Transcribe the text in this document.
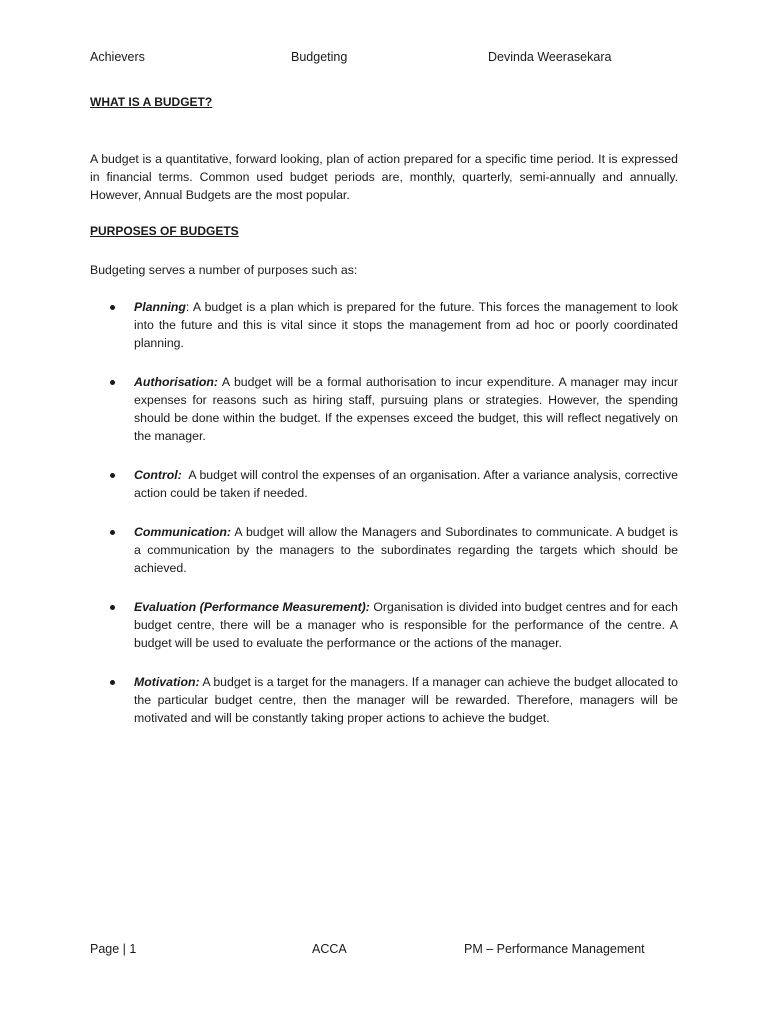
Achievers	Budgeting	Devinda Weerasekara
WHAT IS A BUDGET?

A budget is a quantitative, forward looking, plan of action prepared for a specific time period. It is expressed in financial terms. Common used budget periods are, monthly, quarterly, semi-annually and annually. However, Annual Budgets are the most popular.

PURPOSES OF BUDGETS

Budgeting serves a number of purposes such as:

Planning: A budget is a plan which is prepared for the future. This forces the management to look into the future and this is vital since it stops the management from ad hoc or poorly coordinated planning.
Authorisation: A budget will be a formal authorisation to incur expenditure. A manager may incur expenses for reasons such as hiring staff, pursuing plans or strategies. However, the spending should be done within the budget. If the expenses exceed the budget, this will reflect negatively on the manager.
Control: A budget will control the expenses of an organisation. After a variance analysis, corrective action could be taken if needed.
Communication: A budget will allow the Managers and Subordinates to communicate. A budget is a communication by the managers to the subordinates regarding the targets which should be achieved.
Evaluation (Performance Measurement): Organisation is divided into budget centres and for each budget centre, there will be a manager who is responsible for the performance of the centre. A budget will be used to evaluate the performance or the actions of the manager.
Motivation: A budget is a target for the managers. If a manager can achieve the budget allocated to the particular budget centre, then the manager will be rewarded. Therefore, managers will be motivated and will be constantly taking proper actions to achieve the budget.
Page | 1	ACCA	PM – Performance Management
